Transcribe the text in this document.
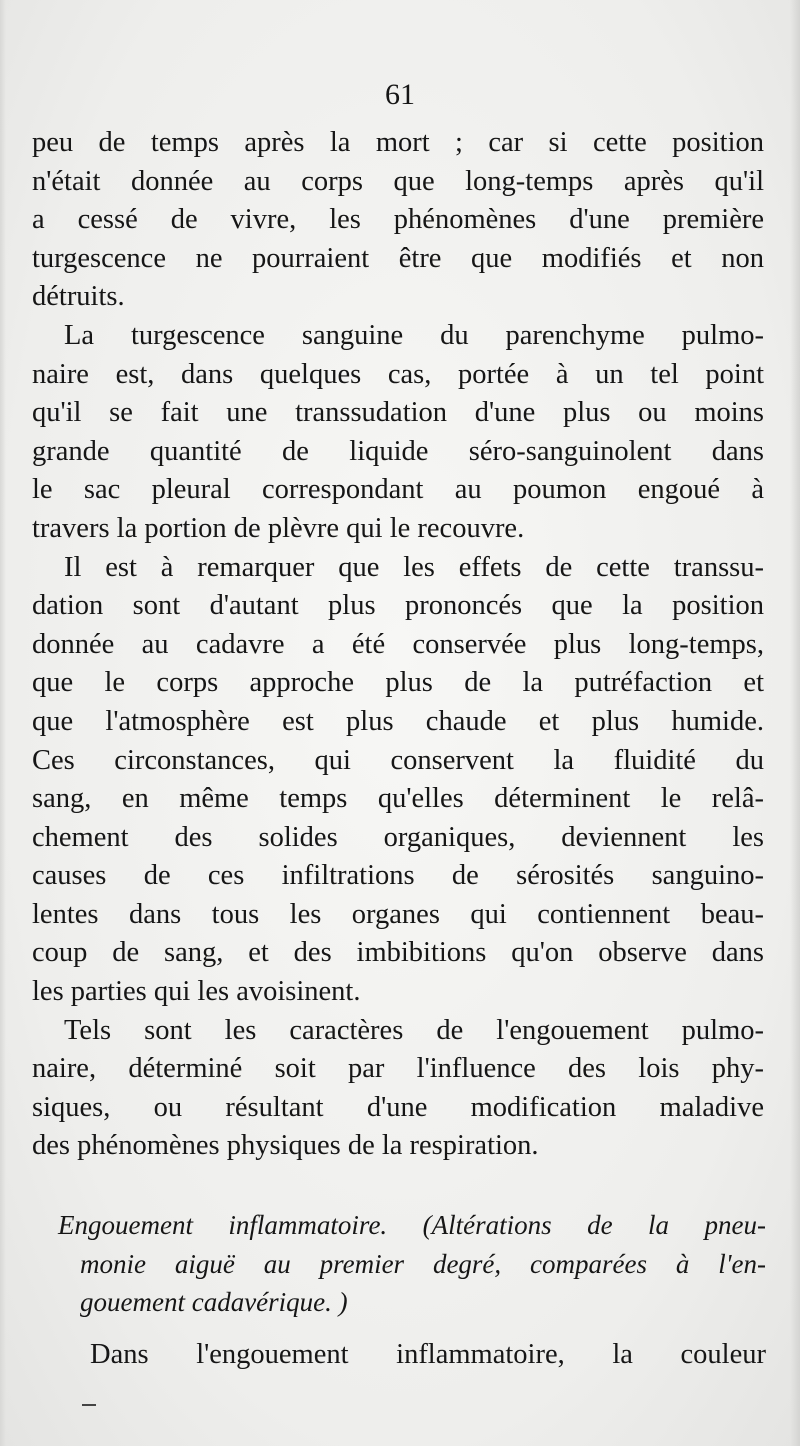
61
peu de temps après la mort ; car si cette position
n'était donnée au corps que long-temps après qu'il
a cessé de vivre, les phénomènes d'une première
turgescence ne pourraient être que modifiés et non
détruits.
La turgescence sanguine du parenchyme pulmo-
naire est, dans quelques cas, portée à un tel point
qu'il se fait une transsudation d'une plus ou moins
grande quantité de liquide séro-sanguinolent dans
le sac pleural correspondant au poumon engoué à
travers la portion de plèvre qui le recouvre.
Il est à remarquer que les effets de cette transsu-
dation sont d'autant plus prononcés que la position
donnée au cadavre a été conservée plus long-temps,
que le corps approche plus de la putréfaction et
que l'atmosphère est plus chaude et plus humide.
Ces circonstances, qui conservent la fluidité du
sang, en même temps qu'elles déterminent le relâ-
chement des solides organiques, deviennent les
causes de ces infiltrations de sérosités sanguino-
lentes dans tous les organes qui contiennent beau-
coup de sang, et des imbibitions qu'on observe dans
les parties qui les avoisinent.
Tels sont les caractères de l'engouement pulmo-
naire, déterminé soit par l'influence des lois phy-
siques, ou résultant d'une modification maladive
des phénomènes physiques de la respiration.
Engouement inflammatoire. (Altérations de la pneu-
monie aiguë au premier degré, comparées à l'en-
gouement cadavérique. )
Dans l'engouement inflammatoire, la couleur
